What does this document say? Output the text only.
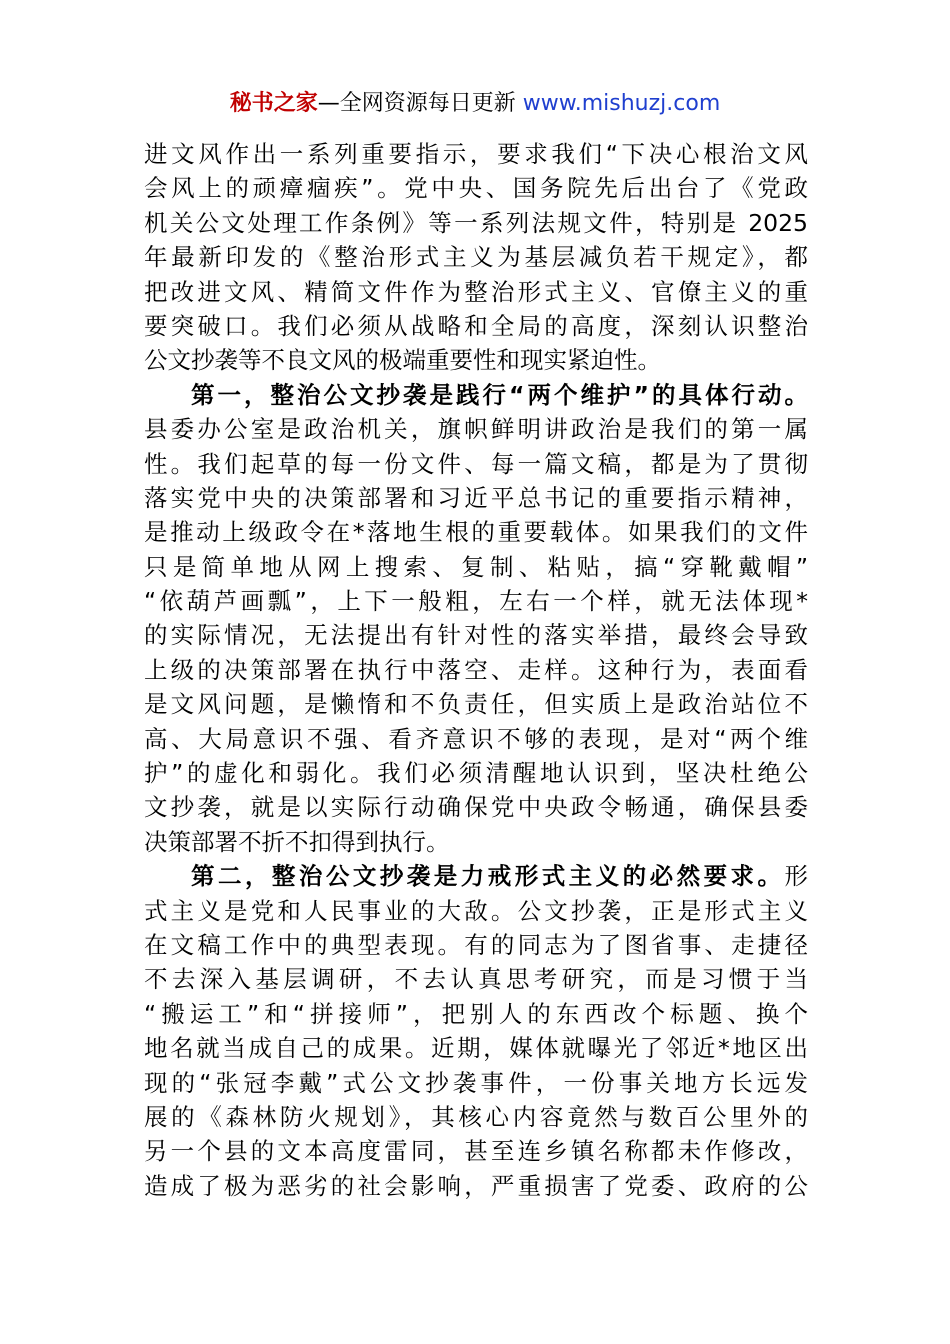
秘书之家—全网资源每日更新 www.mishuzj.com
进文风作出一系列重要指示，要求我们“下决心根治文风
会风上的顽瘴痼疾”。党中央、国务院先后出台了《党政
机关公文处理工作条例》等一系列法规文件，特别是 2025
年最新印发的《整治形式主义为基层减负若干规定》，都
把改进文风、精简文件作为整治形式主义、官僚主义的重
要突破口。我们必须从战略和全局的高度，深刻认识整治
公文抄袭等不良文风的极端重要性和现实紧迫性。
第一，整治公文抄袭是践行“两个维护”的具体行动。
县委办公室是政治机关，旗帜鲜明讲政治是我们的第一属
性。我们起草的每一份文件、每一篇文稿，都是为了贯彻
落实党中央的决策部署和习近平总书记的重要指示精神，
是推动上级政令在*落地生根的重要载体。如果我们的文件
只是简单地从网上搜索、复制、粘贴，搞“穿靴戴帽”
“依葫芦画瓢”，上下一般粗，左右一个样，就无法体现*
的实际情况，无法提出有针对性的落实举措，最终会导致
上级的决策部署在执行中落空、走样。这种行为，表面看
是文风问题，是懒惰和不负责任，但实质上是政治站位不
高、大局意识不强、看齐意识不够的表现，是对“两个维
护”的虚化和弱化。我们必须清醒地认识到，坚决杜绝公
文抄袭，就是以实际行动确保党中央政令畅通，确保县委
决策部署不折不扣得到执行。
第二，整治公文抄袭是力戒形式主义的必然要求。形
式主义是党和人民事业的大敌。公文抄袭，正是形式主义
在文稿工作中的典型表现。有的同志为了图省事、走捷径
不去深入基层调研，不去认真思考研究，而是习惯于当
“搬运工”和“拼接师”，把别人的东西改个标题、换个
地名就当成自己的成果。近期，媒体就曝光了邻近*地区出
现的“张冠李戴”式公文抄袭事件，一份事关地方长远发
展的《森林防火规划》，其核心内容竟然与数百公里外的
另一个县的文本高度雷同，甚至连乡镇名称都未作修改，
造成了极为恶劣的社会影响，严重损害了党委、政府的公
